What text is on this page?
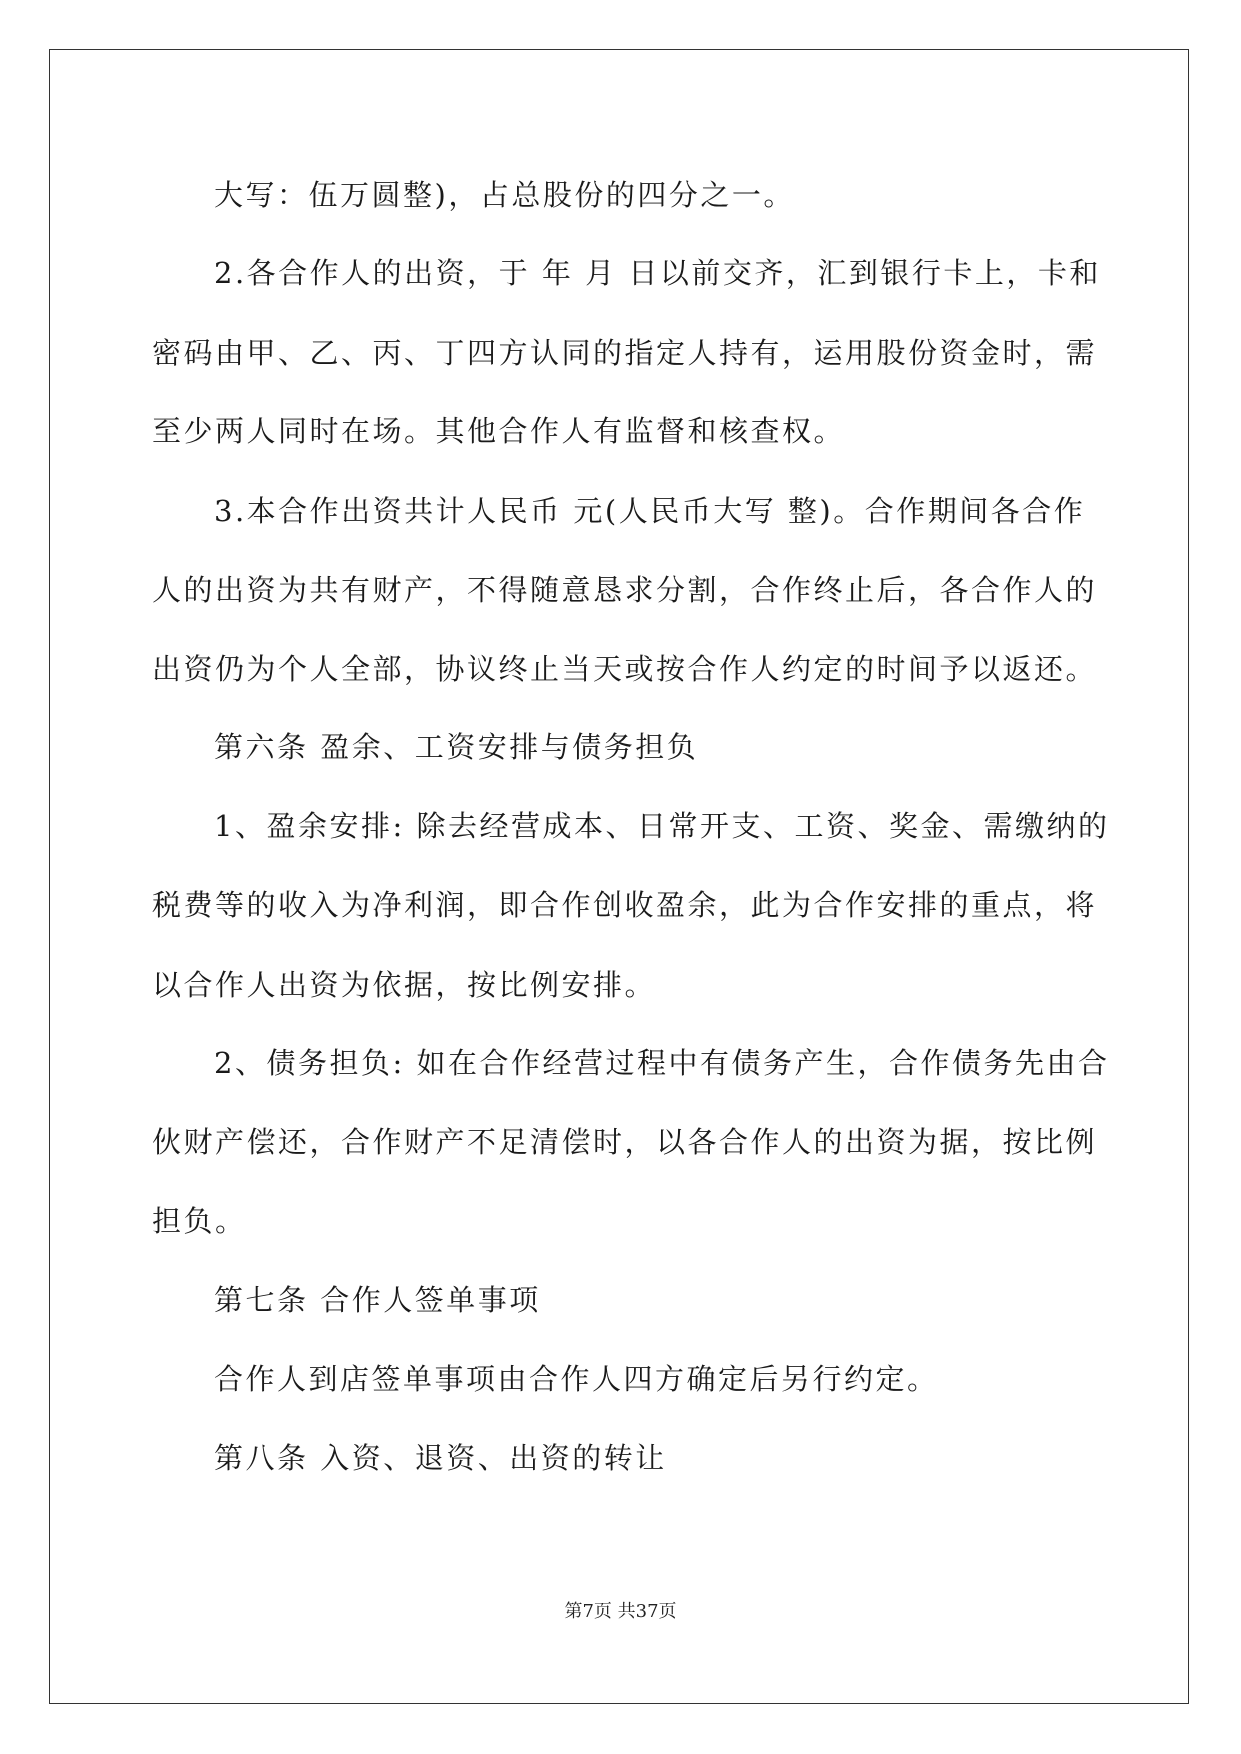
大写：伍万圆整)，占总股份的四分之一。
2.各合作人的出资，于 年 月 日以前交齐，汇到银行卡上，卡和
密码由甲、乙、丙、丁四方认同的指定人持有，运用股份资金时，需
至少两人同时在场。其他合作人有监督和核查权。
3.本合作出资共计人民币 元(人民币大写 整)。合作期间各合作
人的出资为共有财产，不得随意恳求分割，合作终止后，各合作人的
出资仍为个人全部，协议终止当天或按合作人约定的时间予以返还。
第六条 盈余、工资安排与债务担负
1、盈余安排: 除去经营成本、日常开支、工资、奖金、需缴纳的
税费等的收入为净利润，即合作创收盈余，此为合作安排的重点，将
以合作人出资为依据，按比例安排。
2、债务担负: 如在合作经营过程中有债务产生，合作债务先由合
伙财产偿还，合作财产不足清偿时，以各合作人的出资为据，按比例
担负。
第七条 合作人签单事项
合作人到店签单事项由合作人四方确定后另行约定。
第八条 入资、退资、出资的转让
第7页 共37页
